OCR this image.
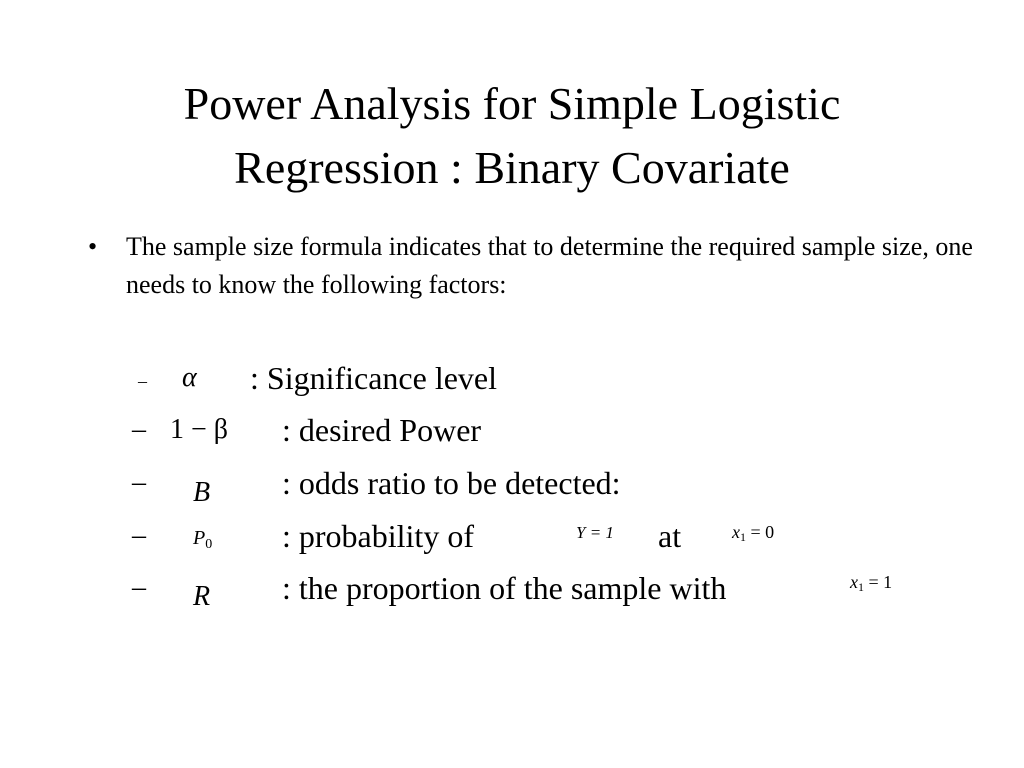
Power Analysis for Simple Logistic
Regression : Binary Covariate
• The sample size formula indicates that to determine the required sample size, one needs to know the following factors:
– α : Significance level
– 1 − β : desired Power
– B : odds ratio to be detected:
– $P_0$ : probability of	Y = 1 at	$x_1 = 0$
– R : the proportion of the sample with	$x_1 = 1$
